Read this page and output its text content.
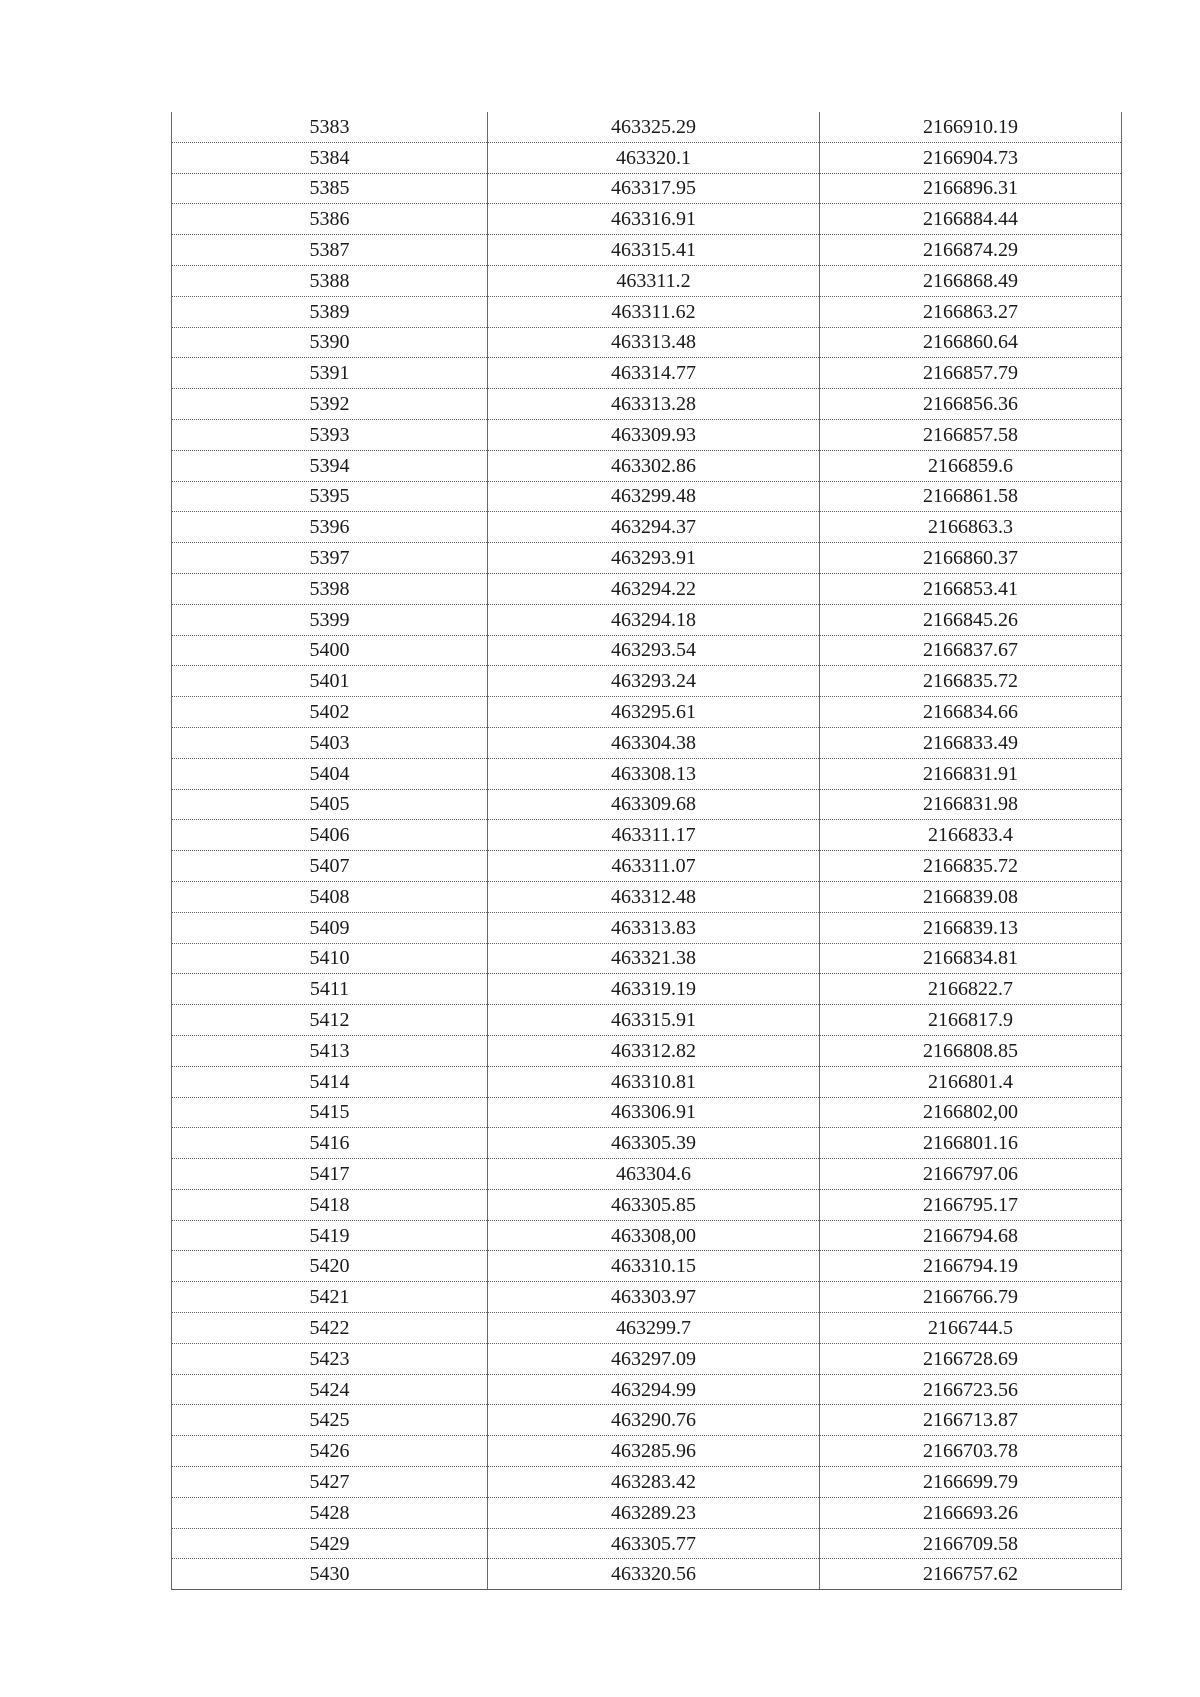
5383	463325.29	2166910.19
5384	463320.1	2166904.73
5385	463317.95	2166896.31
5386	463316.91	2166884.44
5387	463315.41	2166874.29
5388	463311.2	2166868.49
5389	463311.62	2166863.27
5390	463313.48	2166860.64
5391	463314.77	2166857.79
5392	463313.28	2166856.36
5393	463309.93	2166857.58
5394	463302.86	2166859.6
5395	463299.48	2166861.58
5396	463294.37	2166863.3
5397	463293.91	2166860.37
5398	463294.22	2166853.41
5399	463294.18	2166845.26
5400	463293.54	2166837.67
5401	463293.24	2166835.72
5402	463295.61	2166834.66
5403	463304.38	2166833.49
5404	463308.13	2166831.91
5405	463309.68	2166831.98
5406	463311.17	2166833.4
5407	463311.07	2166835.72
5408	463312.48	2166839.08
5409	463313.83	2166839.13
5410	463321.38	2166834.81
5411	463319.19	2166822.7
5412	463315.91	2166817.9
5413	463312.82	2166808.85
5414	463310.81	2166801.4
5415	463306.91	2166802,00
5416	463305.39	2166801.16
5417	463304.6	2166797.06
5418	463305.85	2166795.17
5419	463308,00	2166794.68
5420	463310.15	2166794.19
5421	463303.97	2166766.79
5422	463299.7	2166744.5
5423	463297.09	2166728.69
5424	463294.99	2166723.56
5425	463290.76	2166713.87
5426	463285.96	2166703.78
5427	463283.42	2166699.79
5428	463289.23	2166693.26
5429	463305.77	2166709.58
5430	463320.56	2166757.62
